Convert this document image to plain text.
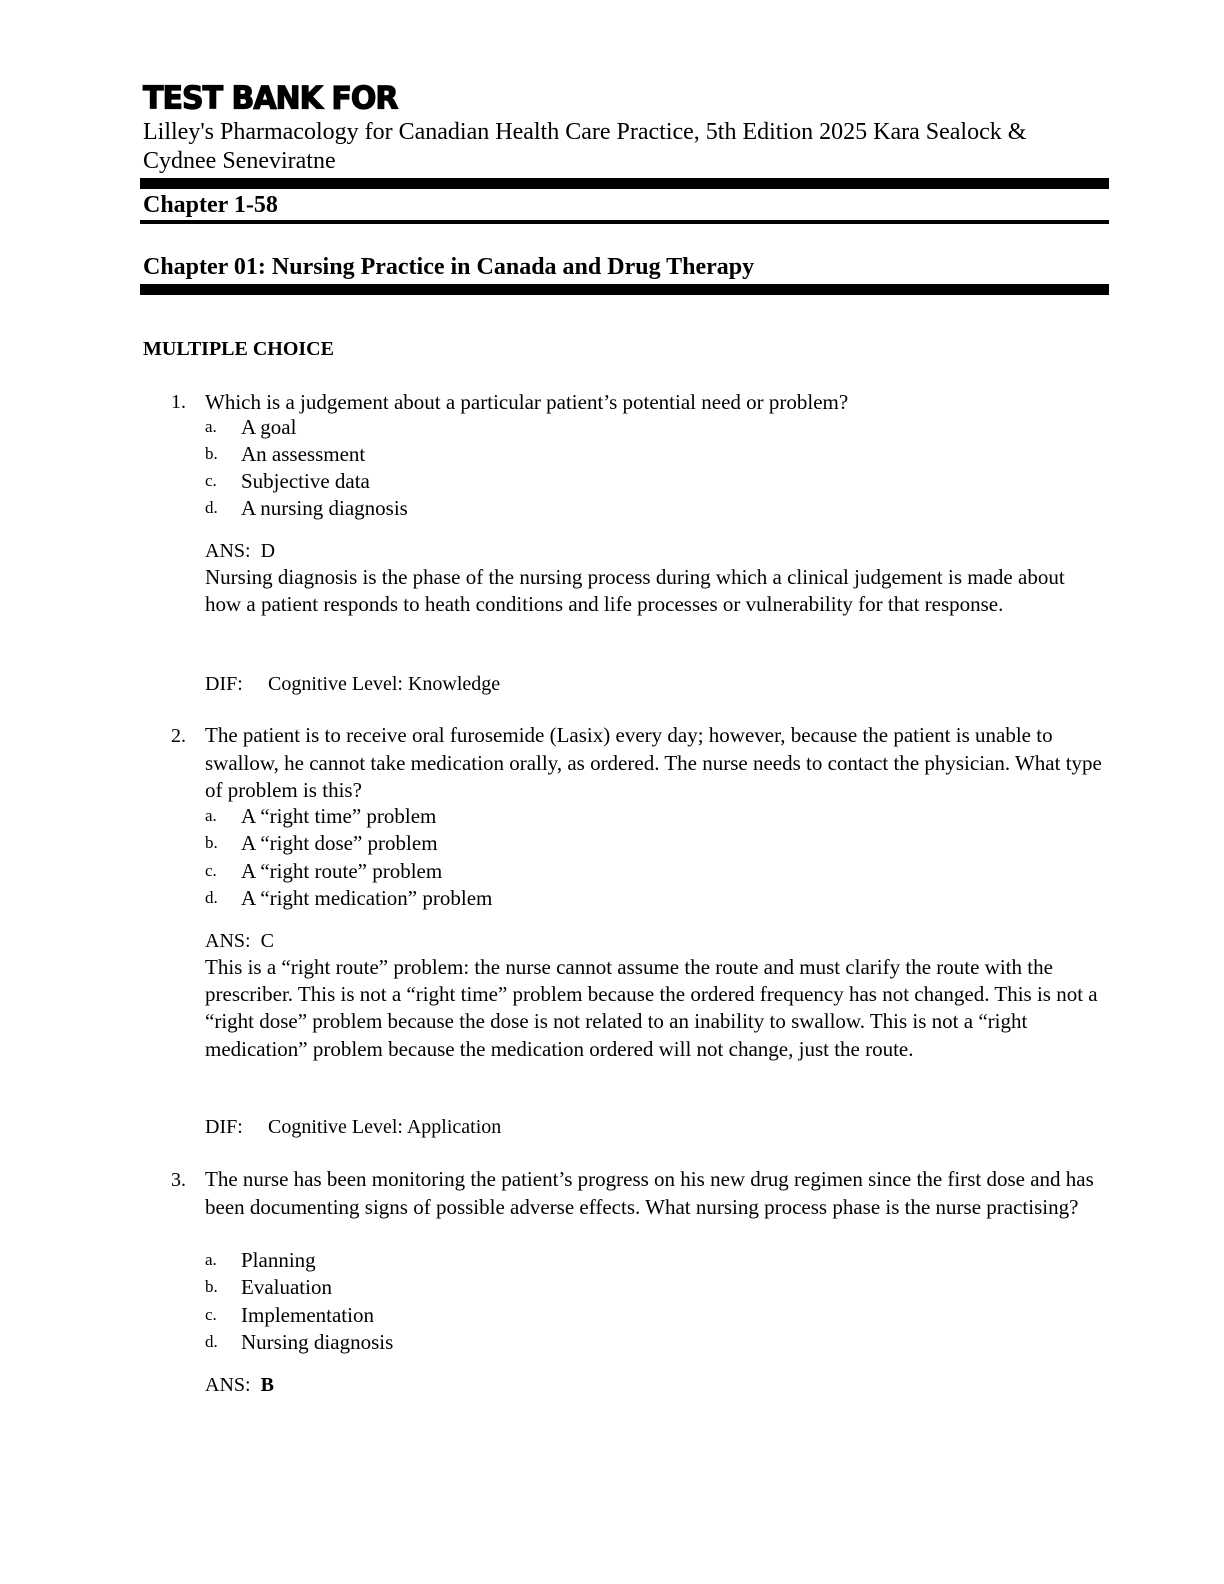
TEST BANK FOR
Lilley's Pharmacology for Canadian Health Care Practice, 5th Edition 2025 Kara Sealock & Cydnee Seneviratne
Chapter 1-58
Chapter 01: Nursing Practice in Canada and Drug Therapy
MULTIPLE CHOICE
1. Which is a judgement about a particular patient’s potential need or problem?
a. A goal
b. An assessment
c. Subjective data
d. A nursing diagnosis
ANS: D
Nursing diagnosis is the phase of the nursing process during which a clinical judgement is made about how a patient responds to heath conditions and life processes or vulnerability for that response.
DIF: Cognitive Level: Knowledge
2. The patient is to receive oral furosemide (Lasix) every day; however, because the patient is unable to swallow, he cannot take medication orally, as ordered. The nurse needs to contact the physician. What type of problem is this?
a. A “right time” problem
b. A “right dose” problem
c. A “right route” problem
d. A “right medication” problem
ANS: C
This is a “right route” problem: the nurse cannot assume the route and must clarify the route with the prescriber. This is not a “right time” problem because the ordered frequency has not changed. This is not a “right dose” problem because the dose is not related to an inability to swallow. This is not a “right medication” problem because the medication ordered will not change, just the route.
DIF: Cognitive Level: Application
3. The nurse has been monitoring the patient’s progress on his new drug regimen since the first dose and has been documenting signs of possible adverse effects. What nursing process phase is the nurse practising?
a. Planning
b. Evaluation
c. Implementation
d. Nursing diagnosis
ANS: B
